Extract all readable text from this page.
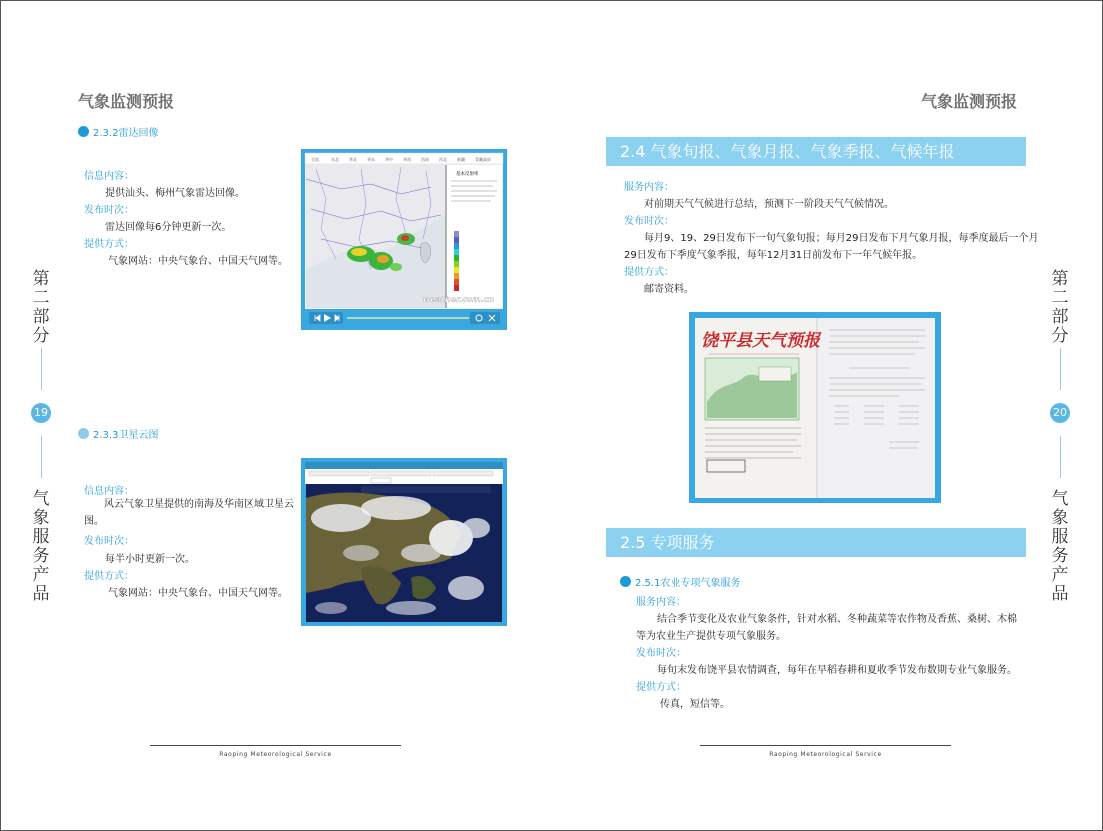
气象监测预报
第
二
部
分
19
气
象
服
务
产
品
2.3.2雷达回像
信息内容：
提供汕头、梅州气象雷达回像。
发布时次：
雷达回像每6分钟更新一次。
提供方式：
气象网站：中央气象台、中国天气网等。
全国	东北	华北	华东	华中	华南	西南	西北	新疆	青藏高原
基本反射率
weather.com.cn
2.3.3卫星云图
信息内容：
风云气象卫星提供的南海及华南区域卫星云图。
发布时次：
每半小时更新一次。
提供方式：
气象网站：中央气象台、中国天气网等。
Raoping Meteorological Service
气象监测预报
第
二
部
分
20
气
象
服
务
产
品
2.4 气象旬报、气象月报、气象季报、气候年报
服务内容：
对前期天气气候进行总结，预测下一阶段天气气候情况。
发布时次：
每月9、19、29日发布下一旬气象旬报；每月29日发布下月气象月报，每季度最后一个月
29日发布下季度气象季报，每年12月31日前发布下一年气候年报。
提供方式：
邮寄资料。
饶平县天气预报
2.5 专项服务
2.5.1农业专项气象服务
服务内容：
结合季节变化及农业气象条件，针对水稻、冬种蔬菜等农作物及香蕉、桑树、木棉
等为农业生产提供专项气象服务。
发布时次：
每旬末发布饶平县农情调查，每年在早稻春耕和夏收季节发布数期专业气象服务。
提供方式：
传真，短信等。
Raoping Meteorological Service
